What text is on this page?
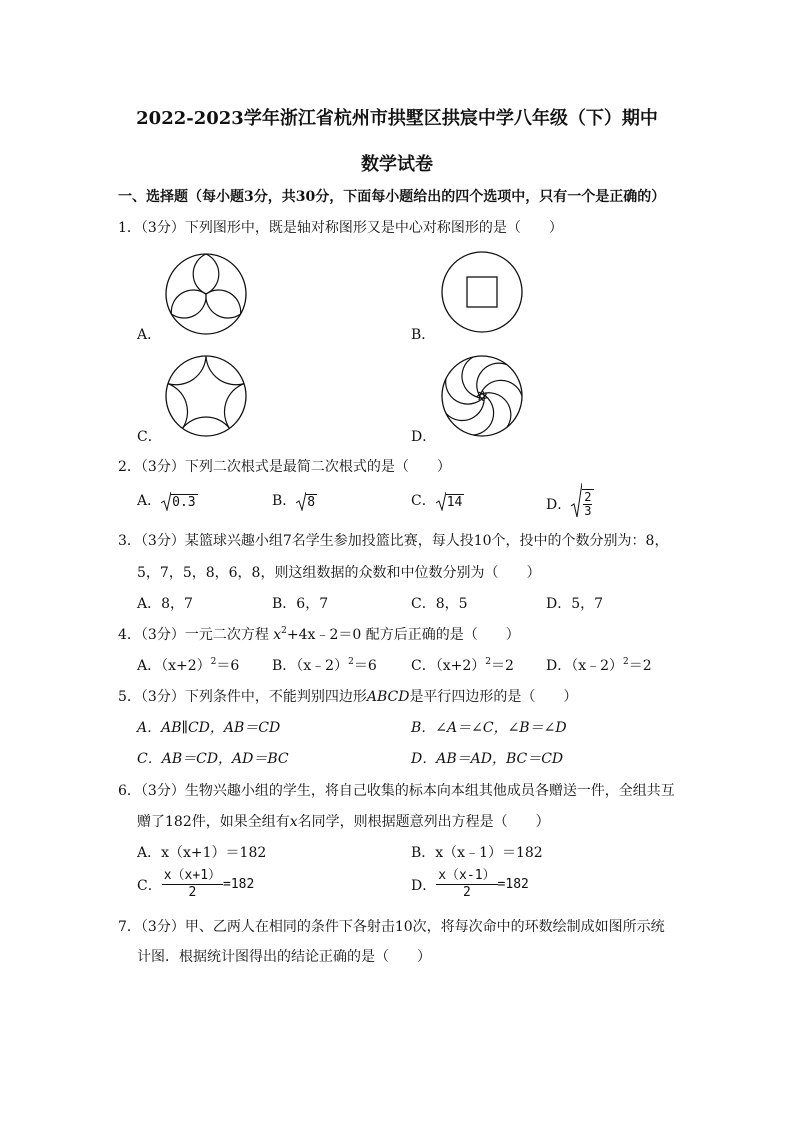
2022-2023学年浙江省杭州市拱墅区拱宸中学八年级（下）期中
数学试卷
一、选择题（每小题3分，共30分，下面每小题给出的四个选项中，只有一个是正确的）
1．（3分）下列图形中，既是轴对称图形又是中心对称图形的是（　　）
A．	B．
C．	D．
2．（3分）下列二次根式是最简二次根式的是（　　）
A． 0.3	B． 8	C． 14	D． $\frac{2}{3}$
3．（3分）某篮球兴趣小组7名学生参加投篮比赛，每人投10个，投中的个数分别为：8，
5，7，5，8，6，8，则这组数据的众数和中位数分别为（　　）
A．8，7	B．6，7	C．8，5	D．5，7
4．（3分）一元二次方程 $x^2+4x﹣2=0$ 配方后正确的是（　　）
A．$(x+2)^2=6$ B．（x﹣2）$^2$＝6 C．$(x+2)^2=2$ D．（x﹣2）$^2$＝2
5．（3分）下列条件中，不能判别四边形ABCD是平行四边形的是（　　）
A．AB∥CD，AB＝CD	B．∠A＝∠C，∠B＝∠D
C．AB＝CD，AD＝BC	D．AB＝AD，BC＝CD
6．（3分）生物兴趣小组的学生，将自己收集的标本向本组其他成员各赠送一件，全组共互
赠了182件，如果全组有x名同学，则根据题意列出方程是（　　）
A．x（x+1）＝182	B．x（x﹣1）＝182
C． $\frac{x(x+1)}{2} =182$	D． $\frac{x(x-1)}{2} =182$
7．（3分）甲、乙两人在相同的条件下各射击10次，将每次命中的环数绘制成如图所示统
计图．根据统计图得出的结论正确的是（　　）
